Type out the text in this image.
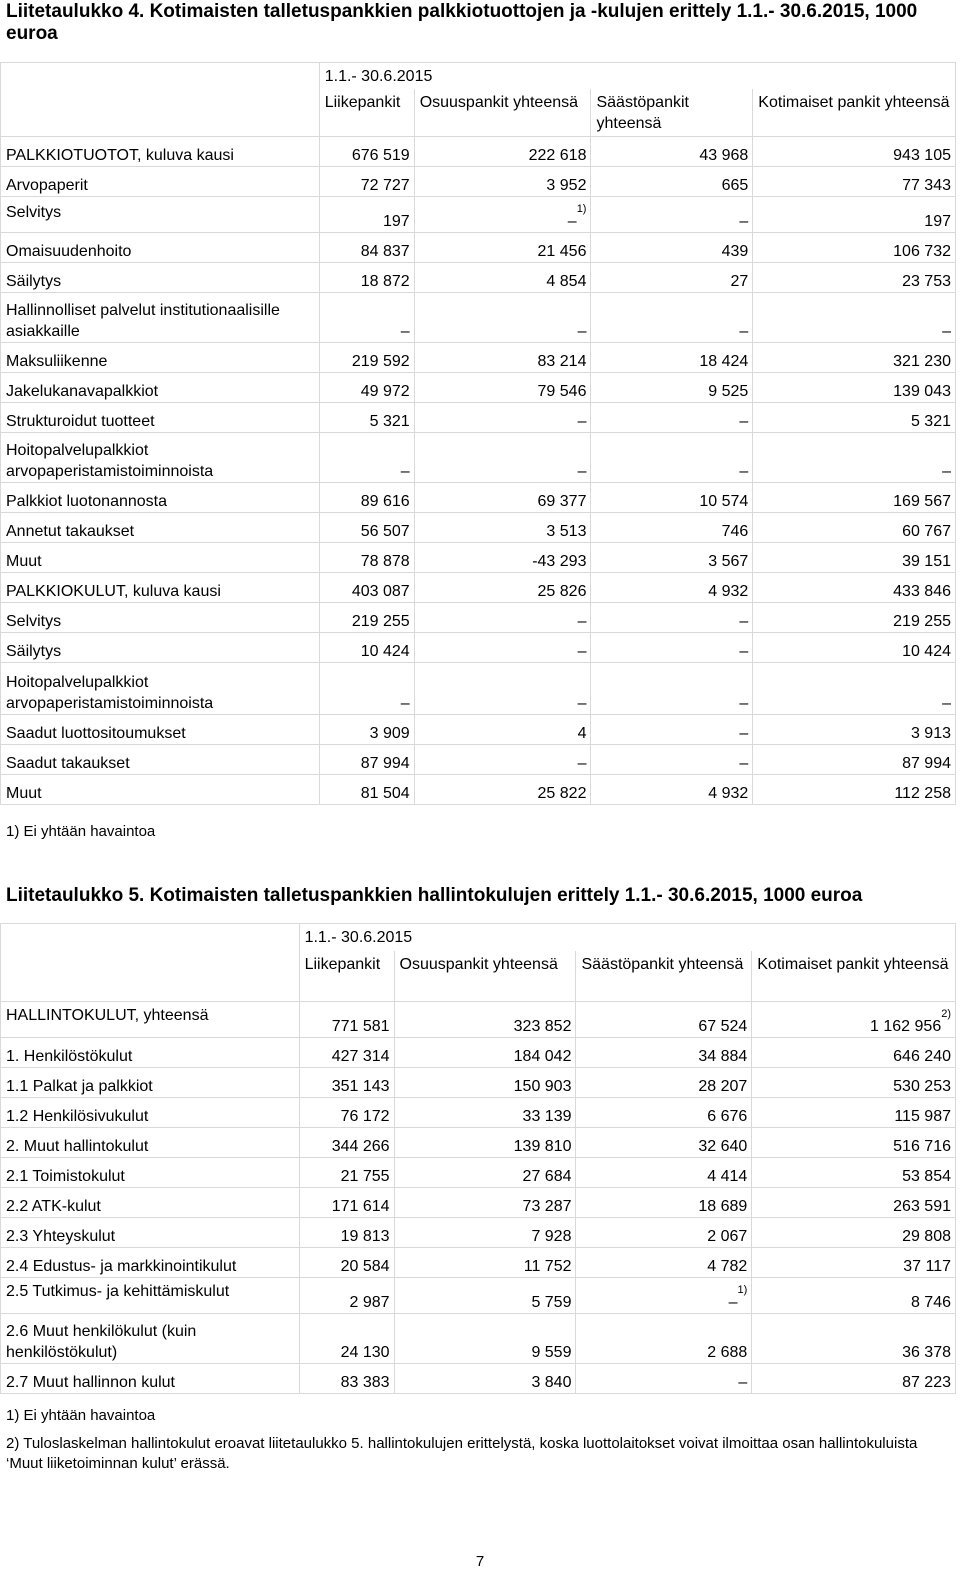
Liitetaulukko 4. Kotimaisten talletuspankkien palkkiotuottojen ja -kulujen erittely 1.1.- 30.6.2015, 1000 euroa

	1.1.- 30.6.2015			
	Liikepankit	Osuuspankit yhteensä	Säästöpankit yhteensä	Kotimaiset pankit yhteensä
PALKKIOTUOTOT, kuluva kausi	676 519	222 618	43 968	943 105
Arvopaperit	72 727	3 952	665	77 343
Selvitys	197	–$^{1)}$	–	197
Omaisuudenhoito	84 837	21 456	439	106 732
Säilytys	18 872	4 854	27	23 753
Hallinnolliset palvelut institutionaalisille asiakkaille	–	–	–	–
Maksuliikenne	219 592	83 214	18 424	321 230
Jakelukanavapalkkiot	49 972	79 546	9 525	139 043
Strukturoidut tuotteet	5 321	–	–	5 321
Hoitopalvelupalkkiot arvopaperistamistoiminnoista	–	–	–	–
Palkkiot luotonannosta	89 616	69 377	10 574	169 567
Annetut takaukset	56 507	3 513	746	60 767
Muut	78 878	-43 293	3 567	39 151
PALKKIOKULUT, kuluva kausi	403 087	25 826	4 932	433 846
Selvitys	219 255	–	–	219 255
Säilytys	10 424	–	–	10 424
Hoitopalvelupalkkiot arvopaperistamistoiminnoista	–	–	–	–
Saadut luottositoumukset	3 909	4	–	3 913
Saadut takaukset	87 994	–	–	87 994
Muut	81 504	25 822	4 932	112 258

1) Ei yhtään havaintoa

Liitetaulukko 5. Kotimaisten talletuspankkien hallintokulujen erittely 1.1.- 30.6.2015, 1000 euroa

	1.1.- 30.6.2015			
	Liikepankit	Osuuspankit yhteensä	Säästöpankit yhteensä	Kotimaiset pankit yhteensä
HALLINTOKULUT, yhteensä	771 581	323 852	67 524	1 162 956$^{2)}$
1. Henkilöstökulut	427 314	184 042	34 884	646 240
1.1 Palkat ja palkkiot	351 143	150 903	28 207	530 253
1.2 Henkilösivukulut	76 172	33 139	6 676	115 987
2. Muut hallintokulut	344 266	139 810	32 640	516 716
2.1 Toimistokulut	21 755	27 684	4 414	53 854
2.2 ATK-kulut	171 614	73 287	18 689	263 591
2.3 Yhteyskulut	19 813	7 928	2 067	29 808
2.4 Edustus- ja markkinointikulut	20 584	11 752	4 782	37 117
2.5 Tutkimus- ja kehittämiskulut	2 987	5 759	–$^{1)}$	8 746
2.6 Muut henkilökulut (kuin henkilöstökulut)	24 130	9 559	2 688	36 378
2.7 Muut hallinnon kulut	83 383	3 840	–	87 223

1) Ei yhtään havaintoa

2) Tuloslaskelman hallintokulut eroavat liitetaulukko 5. hallintokulujen erittelystä, koska luottolaitokset voivat ilmoittaa osan hallintokuluista ‘Muut liiketoiminnan kulut’ erässä.

7
